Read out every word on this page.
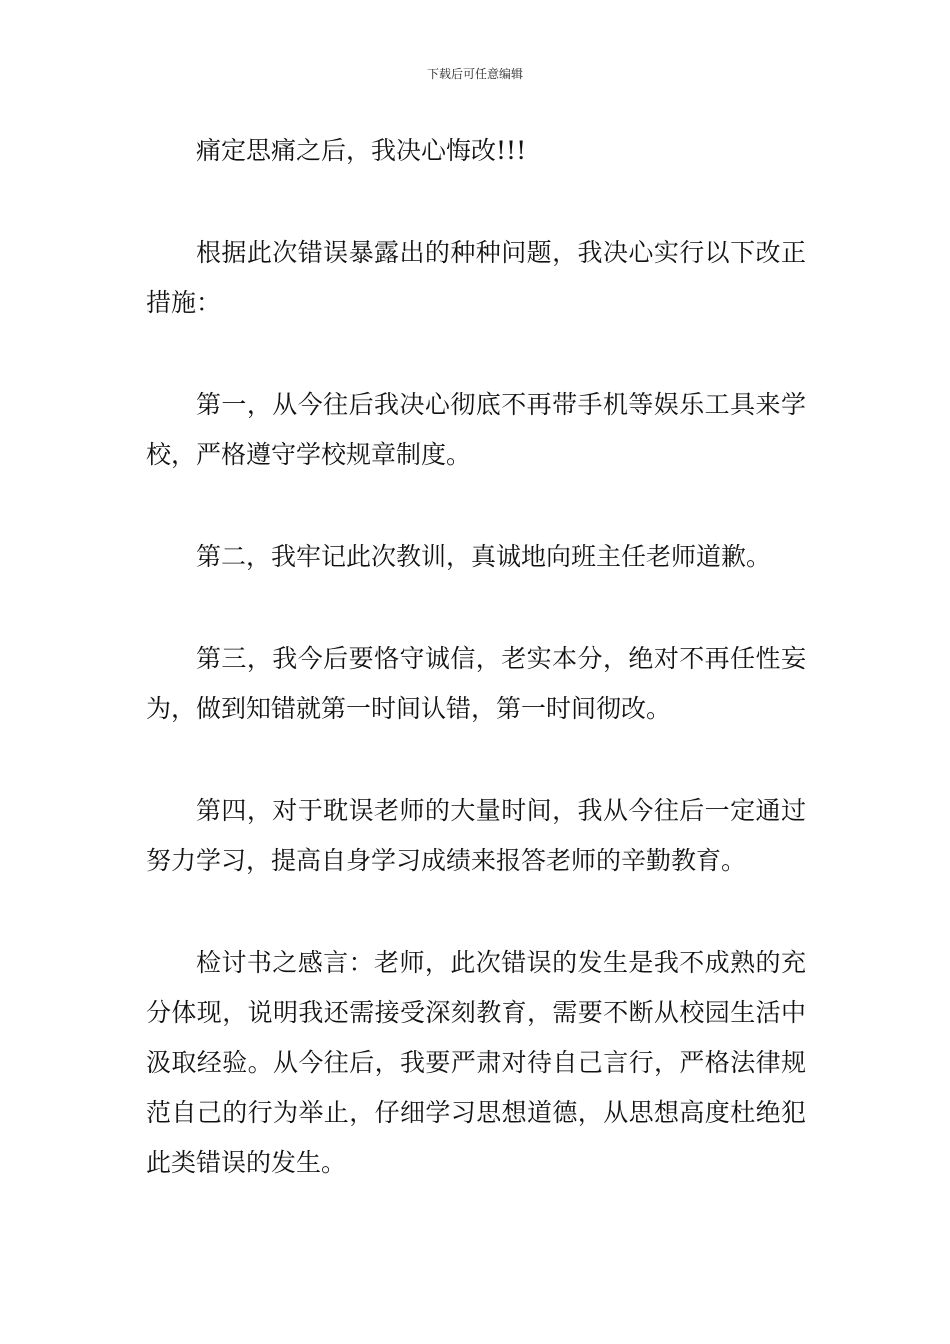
下载后可任意编辑

痛定思痛之后，我决心悔改!!!

根据此次错误暴露出的种种问题，我决心实行以下改正措施：

第一，从今往后我决心彻底不再带手机等娱乐工具来学校，严格遵守学校规章制度。

第二，我牢记此次教训，真诚地向班主任老师道歉。

第三，我今后要恪守诚信，老实本分，绝对不再任性妄为，做到知错就第一时间认错，第一时间彻改。

第四，对于耽误老师的大量时间，我从今往后一定通过努力学习，提高自身学习成绩来报答老师的辛勤教育。

检讨书之感言：老师，此次错误的发生是我不成熟的充分体现，说明我还需接受深刻教育，需要不断从校园生活中汲取经验。从今往后，我要严肃对待自己言行，严格法律规范自己的行为举止，仔细学习思想道德，从思想高度杜绝犯此类错误的发生。
